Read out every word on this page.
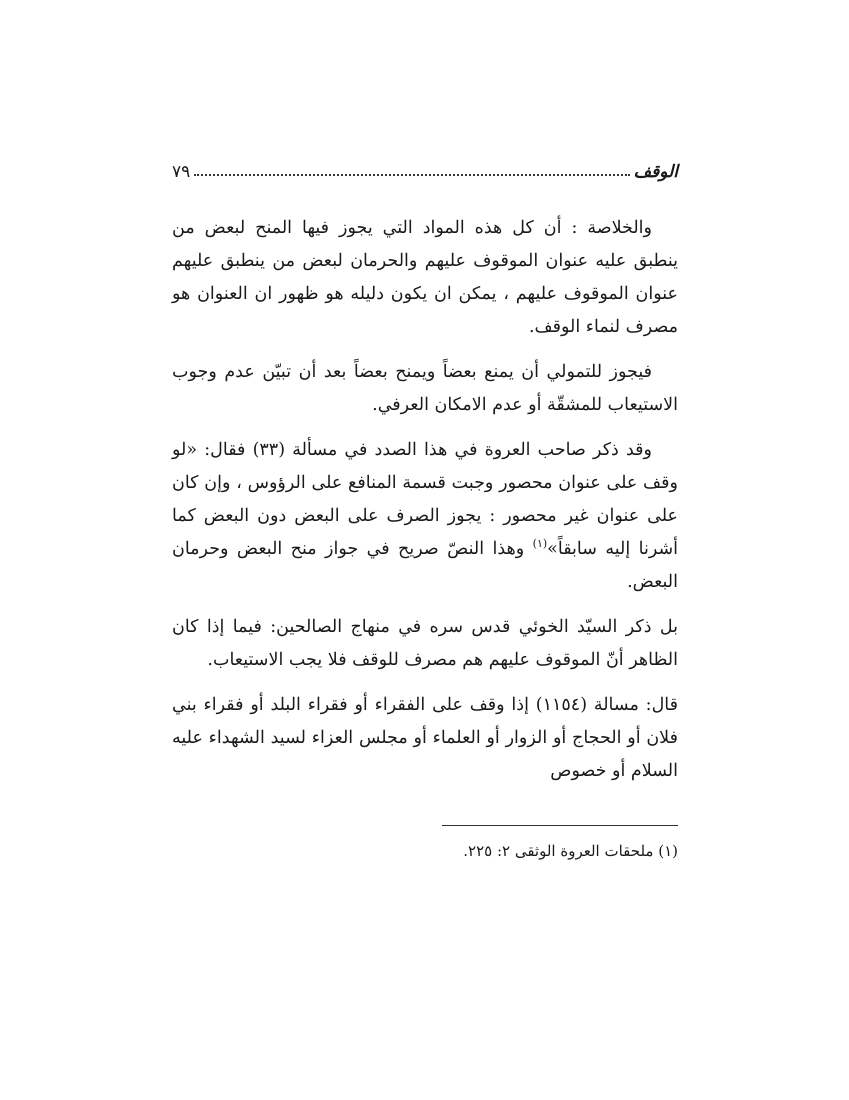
الوقف
٧٩

والخلاصة : أن كل هذه المواد التي يجوز فيها المنح لبعض من ينطبق عليه عنوان الموقوف عليهم والحرمان لبعض من ينطبق عليهم عنوان الموقوف عليهم ، يمكن ان يكون دليله هو ظهور ان العنوان هو مصرف لنماء الوقف.

فيجوز للتمولي أن يمنع بعضاً ويمنح بعضاً بعد أن تبيّن عدم وجوب الاستيعاب للمشقّة أو عدم الامكان العرفي.

وقد ذكر صاحب العروة في هذا الصدد في مسألة (٣٣) فقال: «لو وقف على عنوان محصور وجبت قسمة المنافع على الرؤوس ، وإن كان على عنوان غير محصور : يجوز الصرف على البعض دون البعض كما أشرنا إليه سابقاً»$^{(١)}$ وهذا النصّ صريح في جواز منح البعض وحرمان البعض.

بل ذكر السيّد الخوئي قدس سره في منهاج الصالحين: فيما إذا كان الظاهر أنّ الموقوف عليهم هم مصرف للوقف فلا يجب الاستيعاب.

قال: مسالة (١١٥٤) إذا وقف على الفقراء أو فقراء البلد أو فقراء بني فلان أو الحجاج أو الزوار أو العلماء أو مجلس العزاء لسيد الشهداء عليه السلام أو خصوص

(١) ملحقات العروة الوثقى ٢: ٢٢٥.
